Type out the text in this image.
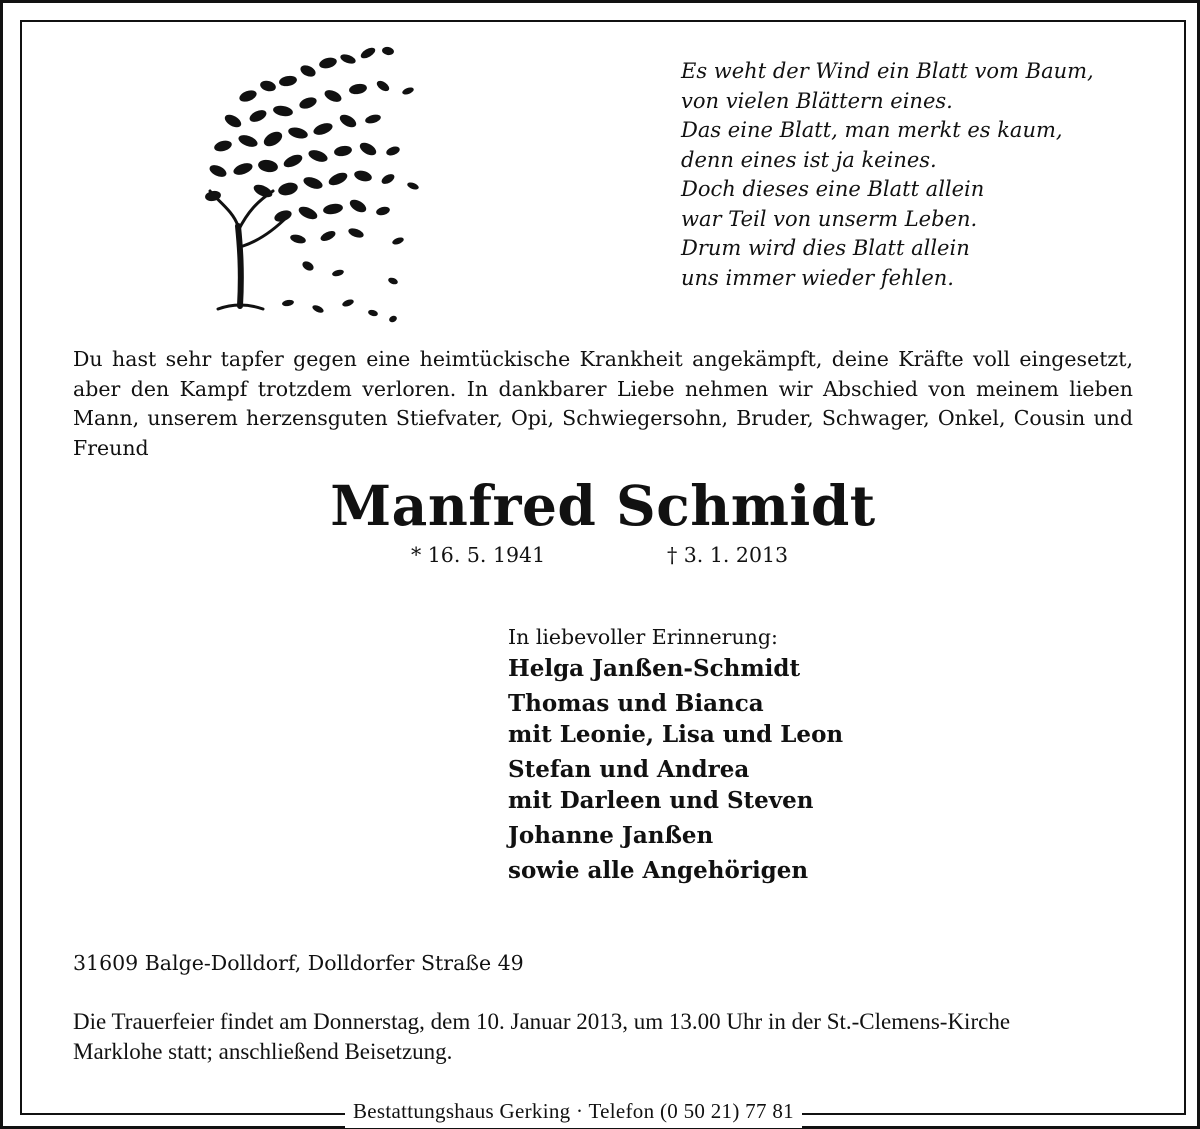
Es weht der Wind ein Blatt vom Baum,
von vielen Blättern eines.
Das eine Blatt, man merkt es kaum,
denn eines ist ja keines.
Doch dieses eine Blatt allein
war Teil von unserm Leben.
Drum wird dies Blatt allein
uns immer wieder fehlen.
Du hast sehr tapfer gegen eine heimtückische Krankheit angekämpft, deine Kräfte voll eingesetzt, aber den Kampf trotzdem verloren. In dankbarer Liebe nehmen wir Abschied von meinem lieben Mann, unserem herzensguten Stiefvater, Opi, Schwiegersohn, Bruder, Schwager, Onkel, Cousin und Freund
Manfred Schmidt
* 16. 5. 1941	† 3. 1. 2013
In liebevoller Erinnerung:
Helga Janßen-Schmidt
Thomas und Bianca
mit Leonie, Lisa und Leon
Stefan und Andrea
mit Darleen und Steven
Johanne Janßen
sowie alle Angehörigen
31609 Balge-Dolldorf, Dolldorfer Straße 49
Die Trauerfeier findet am Donnerstag, dem 10. Januar 2013, um 13.00 Uhr in der St.-Clemens-Kirche Marklohe statt; anschließend Beisetzung.
Bestattungshaus Gerking · Telefon (0 50 21) 77 81
